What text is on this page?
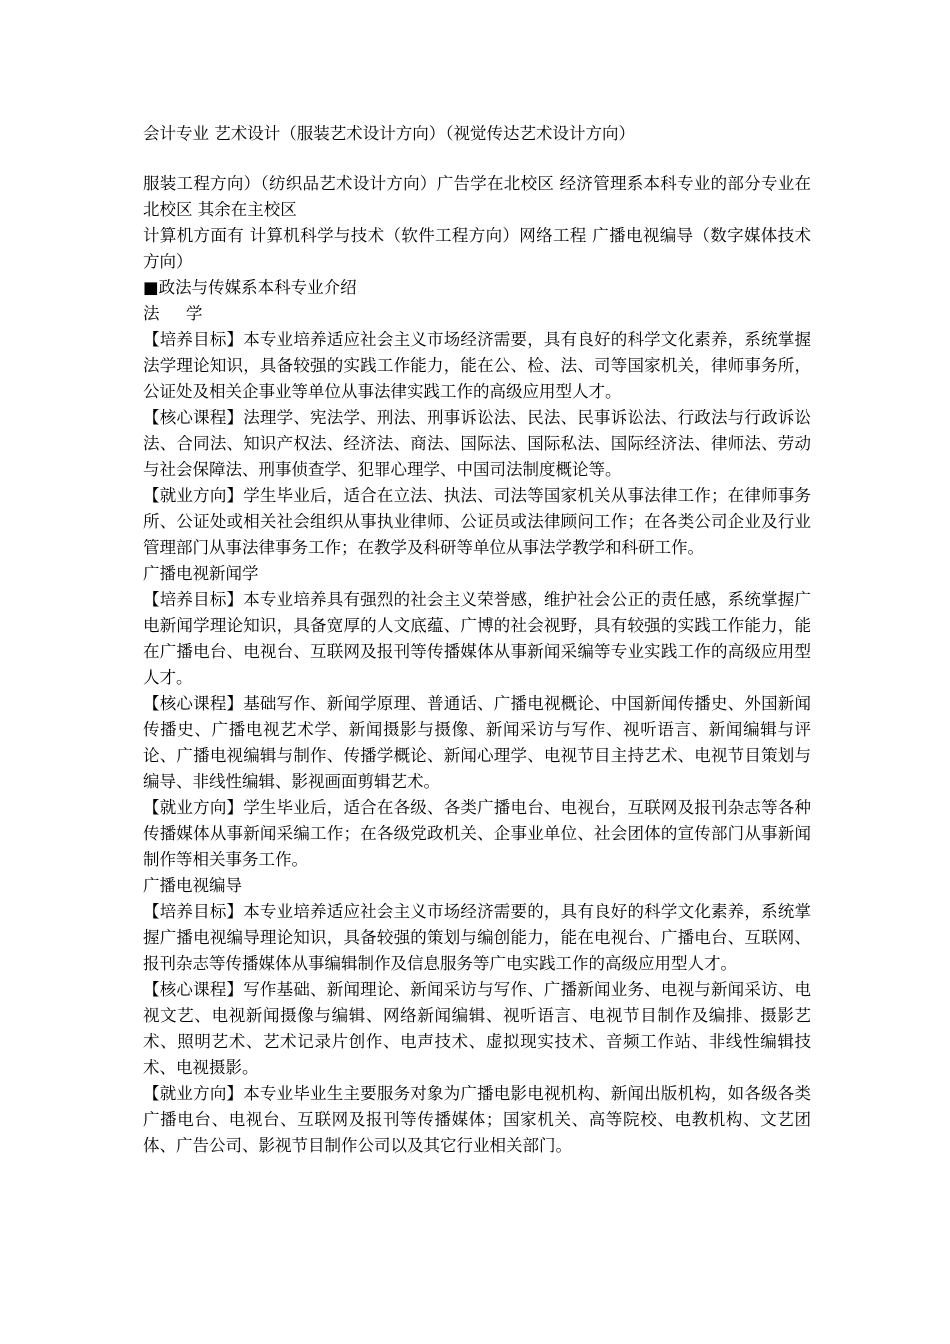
会计专业 艺术设计（服装艺术设计方向）（视觉传达艺术设计方向）

服装工程方向）（纺织品艺术设计方向）广告学在北校区 经济管理系本科专业的部分专业在北校区 其余在主校区

计算机方面有 计算机科学与技术（软件工程方向）网络工程 广播电视编导（数字媒体技术方向）

■政法与传媒系本科专业介绍

法学

【培养目标】本专业培养适应社会主义市场经济需要，具有良好的科学文化素养，系统掌握法学理论知识，具备较强的实践工作能力，能在公、检、法、司等国家机关，律师事务所，公证处及相关企事业等单位从事法律实践工作的高级应用型人才。

【核心课程】法理学、宪法学、刑法、刑事诉讼法、民法、民事诉讼法、行政法与行政诉讼法、合同法、知识产权法、经济法、商法、国际法、国际私法、国际经济法、律师法、劳动与社会保障法、刑事侦查学、犯罪心理学、中国司法制度概论等。

【就业方向】学生毕业后，适合在立法、执法、司法等国家机关从事法律工作；在律师事务所、公证处或相关社会组织从事执业律师、公证员或法律顾问工作；在各类公司企业及行业管理部门从事法律事务工作；在教学及科研等单位从事法学教学和科研工作。

广播电视新闻学

【培养目标】本专业培养具有强烈的社会主义荣誉感，维护社会公正的责任感，系统掌握广电新闻学理论知识，具备宽厚的人文底蕴、广博的社会视野，具有较强的实践工作能力，能在广播电台、电视台、互联网及报刊等传播媒体从事新闻采编等专业实践工作的高级应用型人才。

【核心课程】基础写作、新闻学原理、普通话、广播电视概论、中国新闻传播史、外国新闻传播史、广播电视艺术学、新闻摄影与摄像、新闻采访与写作、视听语言、新闻编辑与评论、广播电视编辑与制作、传播学概论、新闻心理学、电视节目主持艺术、电视节目策划与编导、非线性编辑、影视画面剪辑艺术。

【就业方向】学生毕业后，适合在各级、各类广播电台、电视台，互联网及报刊杂志等各种传播媒体从事新闻采编工作；在各级党政机关、企事业单位、社会团体的宣传部门从事新闻制作等相关事务工作。

广播电视编导

【培养目标】本专业培养适应社会主义市场经济需要的，具有良好的科学文化素养，系统掌握广播电视编导理论知识，具备较强的策划与编创能力，能在电视台、广播电台、互联网、报刊杂志等传播媒体从事编辑制作及信息服务等广电实践工作的高级应用型人才。

【核心课程】写作基础、新闻理论、新闻采访与写作、广播新闻业务、电视与新闻采访、电视文艺、电视新闻摄像与编辑、网络新闻编辑、视听语言、电视节目制作及编排、摄影艺术、照明艺术、艺术记录片创作、电声技术、虚拟现实技术、音频工作站、非线性编辑技术、电视摄影。

【就业方向】本专业毕业生主要服务对象为广播电影电视机构、新闻出版机构，如各级各类广播电台、电视台、互联网及报刊等传播媒体；国家机关、高等院校、电教机构、文艺团体、广告公司、影视节目制作公司以及其它行业相关部门。
